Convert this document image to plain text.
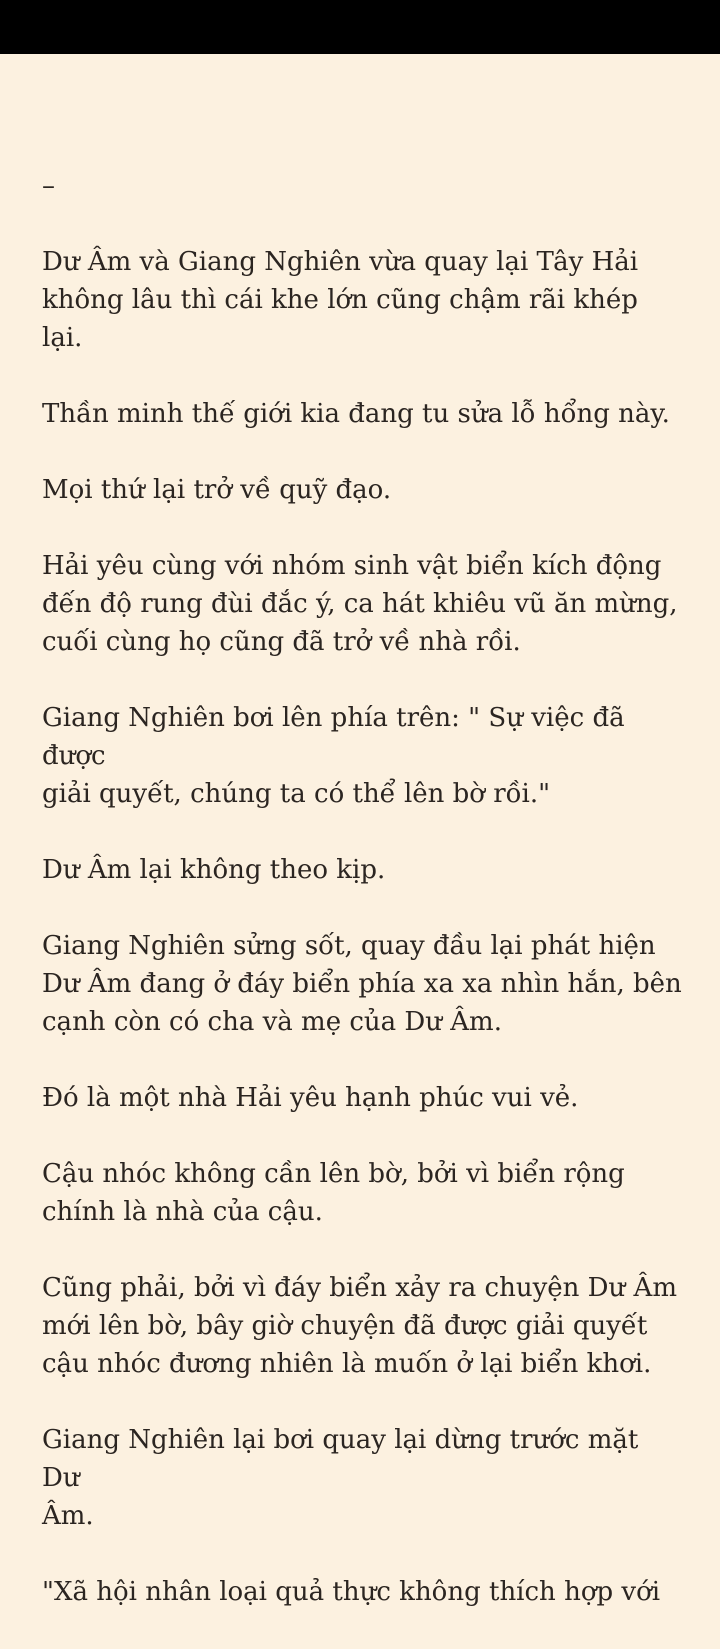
–

Dư Âm và Giang Nghiên vừa quay lại Tây Hải
không lâu thì cái khe lớn cũng chậm rãi khép lại.

Thần minh thế giới kia đang tu sửa lỗ hổng này.

Mọi thứ lại trở về quỹ đạo.

Hải yêu cùng với nhóm sinh vật biển kích động
đến độ rung đùi đắc ý, ca hát khiêu vũ ăn mừng,
cuối cùng họ cũng đã trở về nhà rồi.

Giang Nghiên bơi lên phía trên: " Sự việc đã được
giải quyết, chúng ta có thể lên bờ rồi."

Dư Âm lại không theo kịp.

Giang Nghiên sửng sốt, quay đầu lại phát hiện
Dư Âm đang ở đáy biển phía xa xa nhìn hắn, bên
cạnh còn có cha và mẹ của Dư Âm.

Đó là một nhà Hải yêu hạnh phúc vui vẻ.

Cậu nhóc không cần lên bờ, bởi vì biển rộng
chính là nhà của cậu.

Cũng phải, bởi vì đáy biển xảy ra chuyện Dư Âm
mới lên bờ, bây giờ chuyện đã được giải quyết
cậu nhóc đương nhiên là muốn ở lại biển khơi.

Giang Nghiên lại bơi quay lại dừng trước mặt Dư
Âm.

"Xã hội nhân loại quả thực không thích hợp với
